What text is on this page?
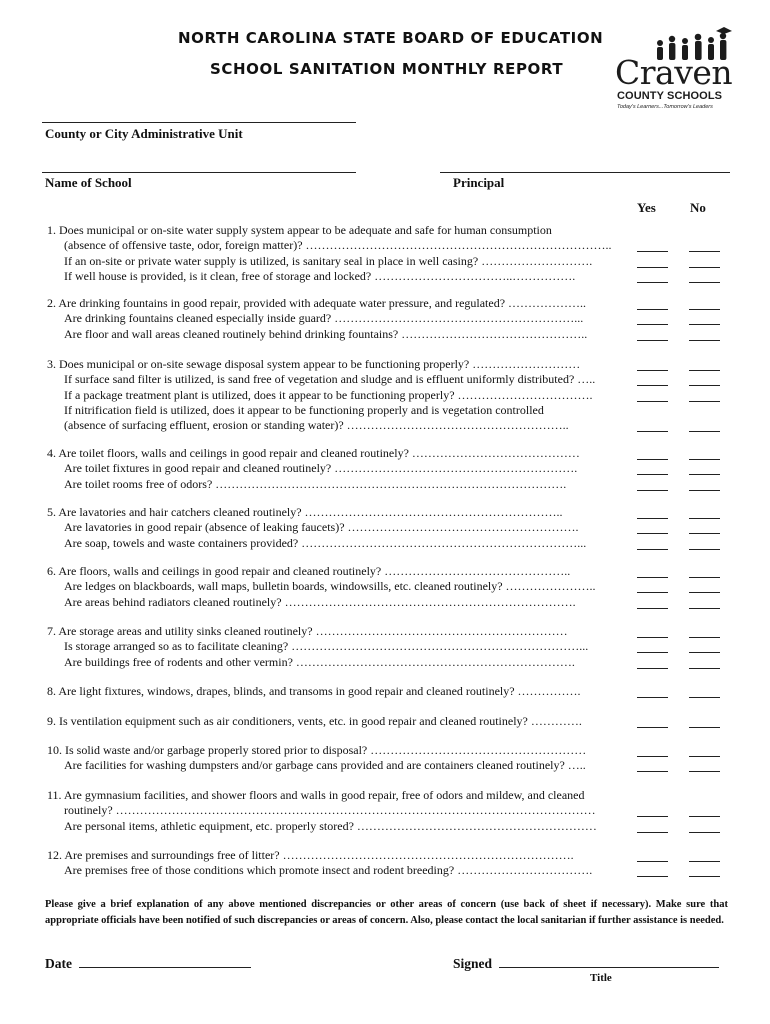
NORTH CAROLINA STATE BOARD OF EDUCATION
SCHOOL SANITATION MONTHLY REPORT	Craven
COUNTY SCHOOLS
Today's Learners...Tomorrow's Leaders
County or City Administrative Unit
Name of School	Principal
Yes	No
1. Does municipal or on-site water supply system appear to be adequate and safe for human consumption
(absence of offensive taste, odor, foreign matter)? …………………………………………………………………..
If an on-site or private water supply is utilized, is sanitary seal in place in well casing? ……………………….
If well house is provided, is it clean, free of storage and locked? ……………………………..…………….
2. Are drinking fountains in good repair, provided with adequate water pressure, and regulated? ………………..
Are drinking fountains cleaned especially inside guard? ……………………………………………………...
Are floor and wall areas cleaned routinely behind drinking fountains? ………………………………………..
3. Does municipal or on-site sewage disposal system appear to be functioning properly? ………………………
If surface sand filter is utilized, is sand free of vegetation and sludge and is effluent uniformly distributed? …..
If a package treatment plant is utilized, does it appear to be functioning properly? …………………………….
If nitrification field is utilized, does it appear to be functioning properly and is vegetation controlled
(absence of surfacing effluent, erosion or standing water)? ………………………………………………..
4. Are toilet floors, walls and ceilings in good repair and cleaned routinely? ……………………………………
Are toilet fixtures in good repair and cleaned routinely? …………………………………………………….
Are toilet rooms free of odors? …………………………………………………………………………….
5. Are lavatories and hair catchers cleaned routinely? ………………………………………………………..
Are lavatories in good repair (absence of leaking faucets)? ………………………………………………….
Are soap, towels and waste containers provided? ……………………………………………………………...
6. Are floors, walls and ceilings in good repair and cleaned routinely? ………………………………………..
Are ledges on blackboards, wall maps, bulletin boards, windowsills, etc. cleaned routinely? …………………..
Are areas behind radiators cleaned routinely? ……………………………………………………………….
7. Are storage areas and utility sinks cleaned routinely? ………………………………………………………
Is storage arranged so as to facilitate cleaning? ………………………………………………………………...
Are buildings free of rodents and other vermin? …………………………………………………………….
8. Are light fixtures, windows, drapes, blinds, and transoms in good repair and cleaned routinely? …………….
9. Is ventilation equipment such as air conditioners, vents, etc. in good repair and cleaned routinely? ………….
10. Is solid waste and/or garbage properly stored prior to disposal? ………………………………………………
Are facilities for washing dumpsters and/or garbage cans provided and are containers cleaned routinely? …..
11. Are gymnasium facilities, and shower floors and walls in good repair, free of odors and mildew, and cleaned
routinely? …………………………………………………………………………………………………………
Are personal items, athletic equipment, etc. properly stored? ……………………………………………………
12. Are premises and surroundings free of litter? ……………………………………………………………….
Are premises free of those conditions which promote insect and rodent breeding? …………………………….
Please give a brief explanation of any above mentioned discrepancies or other areas of concern (use back of sheet if necessary). Make sure that appropriate officials have been notified of such discrepancies or areas of concern. Also, please contact the local sanitarian if further assistance is needed.
Date	Signed
Title
